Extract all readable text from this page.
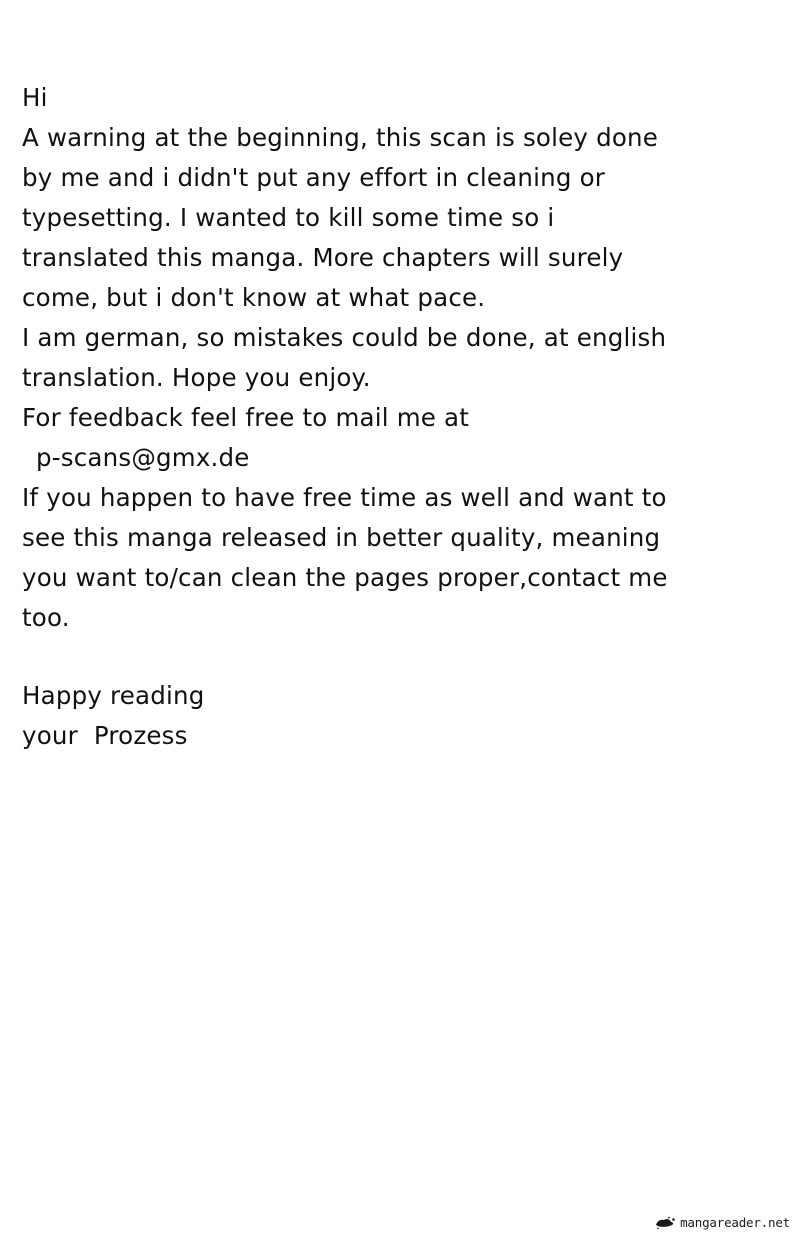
Hi

A warning at the beginning, this scan is soley done

by me and i didn't put any effort in cleaning or

typesetting. I wanted to kill some time so i

translated this manga. More chapters will surely

come, but i don't know at what pace.

I am german, so mistakes could be done, at english

translation. Hope you enjoy.

For feedback feel free to mail me at

p-scans@gmx.de

If you happen to have free time as well and want to

see this manga released in better quality, meaning

you want to/can clean the pages proper,contact me

too.

Happy reading

your  Prozess

mangareader.net
